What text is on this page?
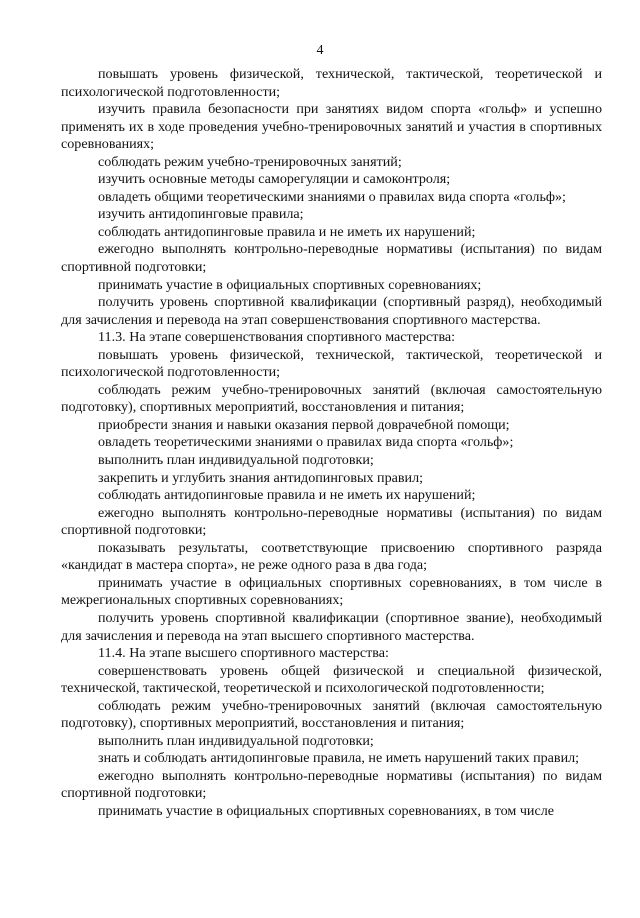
4

повышать уровень физической, технической, тактической, теоретической и психологической подготовленности;

изучить правила безопасности при занятиях видом спорта «гольф» и успешно применять их в ходе проведения учебно-тренировочных занятий и участия в спортивных соревнованиях;

соблюдать режим учебно-тренировочных занятий;

изучить основные методы саморегуляции и самоконтроля;

овладеть общими теоретическими знаниями о правилах вида спорта «гольф»;

изучить антидопинговые правила;

соблюдать антидопинговые правила и не иметь их нарушений;

ежегодно выполнять контрольно-переводные нормативы (испытания) по видам спортивной подготовки;

принимать участие в официальных спортивных соревнованиях;

получить уровень спортивной квалификации (спортивный разряд), необходимый для зачисления и перевода на этап совершенствования спортивного мастерства.

11.3. На этапе совершенствования спортивного мастерства:

повышать уровень физической, технической, тактической, теоретической и психологической подготовленности;

соблюдать режим учебно-тренировочных занятий (включая самостоятельную подготовку), спортивных мероприятий, восстановления и питания;

приобрести знания и навыки оказания первой доврачебной помощи;

овладеть теоретическими знаниями о правилах вида спорта «гольф»;

выполнить план индивидуальной подготовки;

закрепить и углубить знания антидопинговых правил;

соблюдать антидопинговые правила и не иметь их нарушений;

ежегодно выполнять контрольно-переводные нормативы (испытания) по видам спортивной подготовки;

показывать результаты, соответствующие присвоению спортивного разряда «кандидат в мастера спорта», не реже одного раза в два года;

принимать участие в официальных спортивных соревнованиях, в том числе в межрегиональных спортивных соревнованиях;

получить уровень спортивной квалификации (спортивное звание), необходимый для зачисления и перевода на этап высшего спортивного мастерства.

11.4. На этапе высшего спортивного мастерства:

совершенствовать уровень общей физической и специальной физической, технической, тактической, теоретической и психологической подготовленности;

соблюдать режим учебно-тренировочных занятий (включая самостоятельную подготовку), спортивных мероприятий, восстановления и питания;

выполнить план индивидуальной подготовки;

знать и соблюдать антидопинговые правила, не иметь нарушений таких правил;

ежегодно выполнять контрольно-переводные нормативы (испытания) по видам спортивной подготовки;

принимать участие в официальных спортивных соревнованиях, в том числе
